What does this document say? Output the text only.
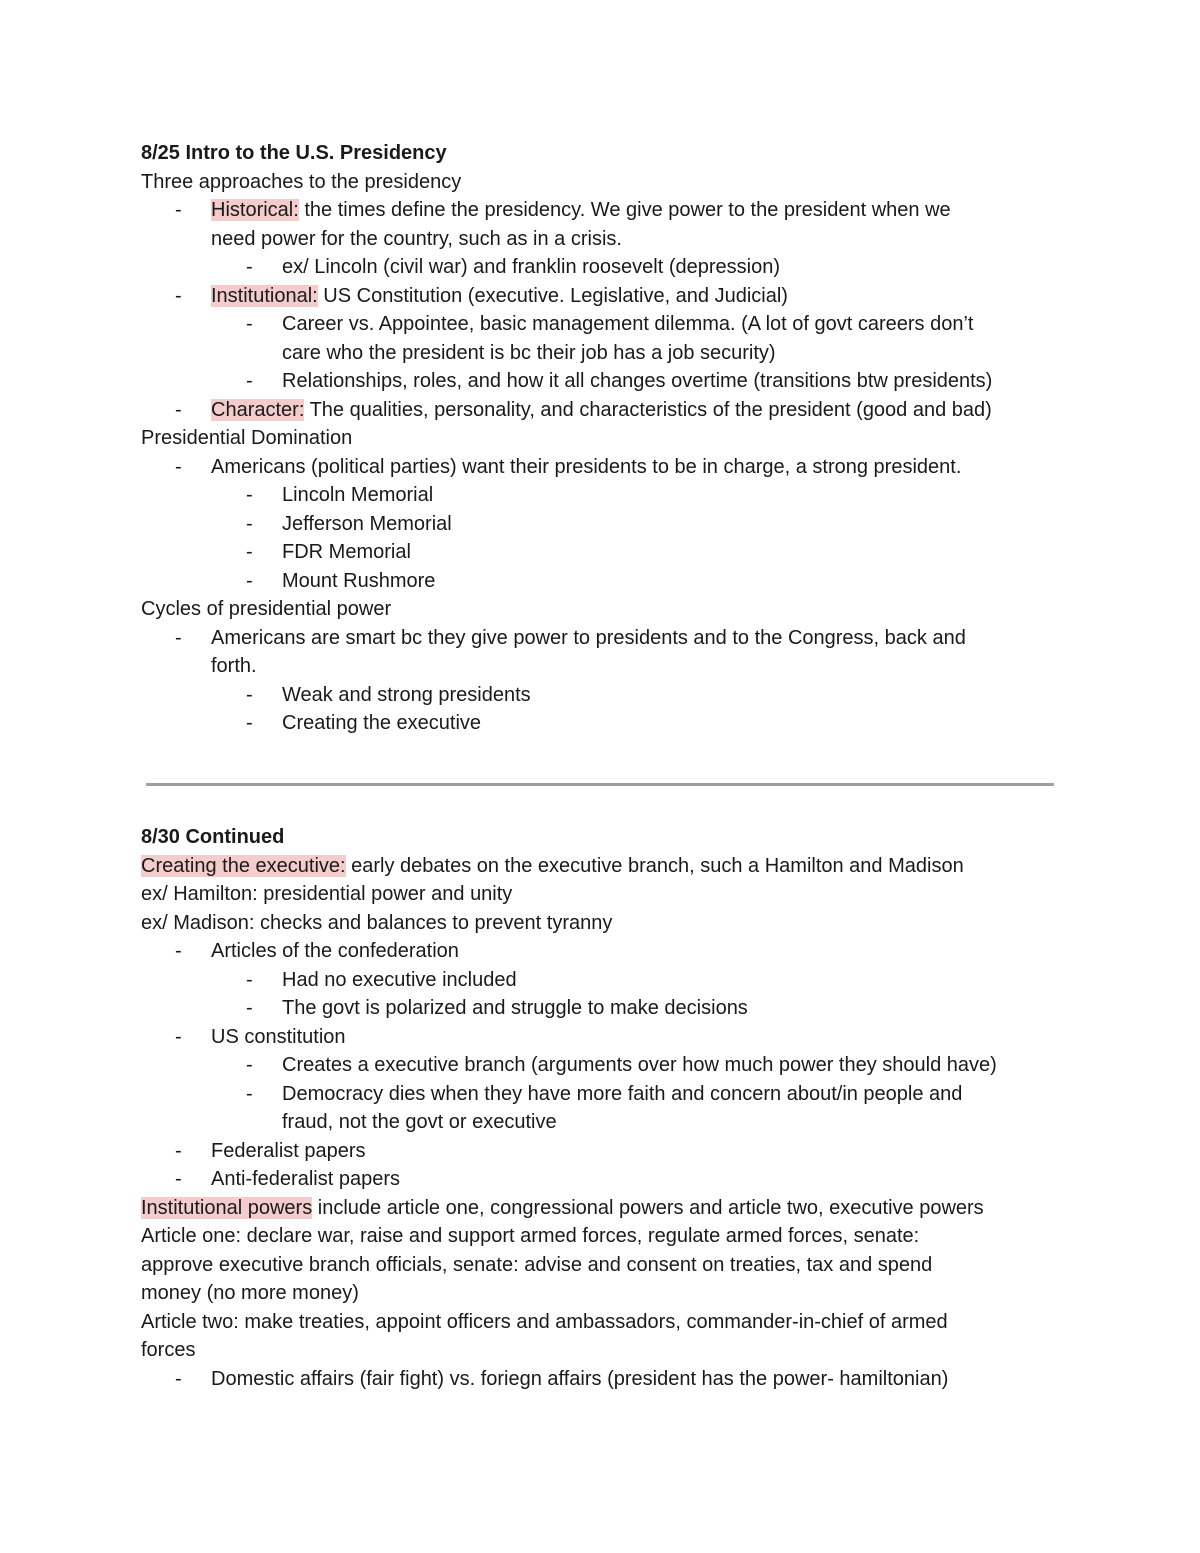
8/25 Intro to the U.S. Presidency
Three approaches to the presidency
- Historical: the times define the presidency. We give power to the president when we
need power for the country, such as in a crisis.
- ex/ Lincoln (civil war) and franklin roosevelt (depression)
- Institutional: US Constitution (executive. Legislative, and Judicial)
- Career vs. Appointee, basic management dilemma. (A lot of govt careers don’t
care who the president is bc their job has a job security)
- Relationships, roles, and how it all changes overtime (transitions btw presidents)
- Character: The qualities, personality, and characteristics of the president (good and bad)
Presidential Domination
- Americans (political parties) want their presidents to be in charge, a strong president.
- Lincoln Memorial
- Jefferson Memorial
- FDR Memorial
- Mount Rushmore
Cycles of presidential power
- Americans are smart bc they give power to presidents and to the Congress, back and
forth.
- Weak and strong presidents
- Creating the executive
8/30 Continued
Creating the executive: early debates on the executive branch, such a Hamilton and Madison
ex/ Hamilton: presidential power and unity
ex/ Madison: checks and balances to prevent tyranny
- Articles of the confederation
- Had no executive included
- The govt is polarized and struggle to make decisions
- US constitution
- Creates a executive branch (arguments over how much power they should have)
- Democracy dies when they have more faith and concern about/in people and
fraud, not the govt or executive
- Federalist papers
- Anti-federalist papers
Institutional powers include article one, congressional powers and article two, executive powers
Article one: declare war, raise and support armed forces, regulate armed forces, senate:
approve executive branch officials, senate: advise and consent on treaties, tax and spend
money (no more money)
Article two: make treaties, appoint officers and ambassadors, commander-in-chief of armed
forces
- Domestic affairs (fair fight) vs. foriegn affairs (president has the power- hamiltonian)
